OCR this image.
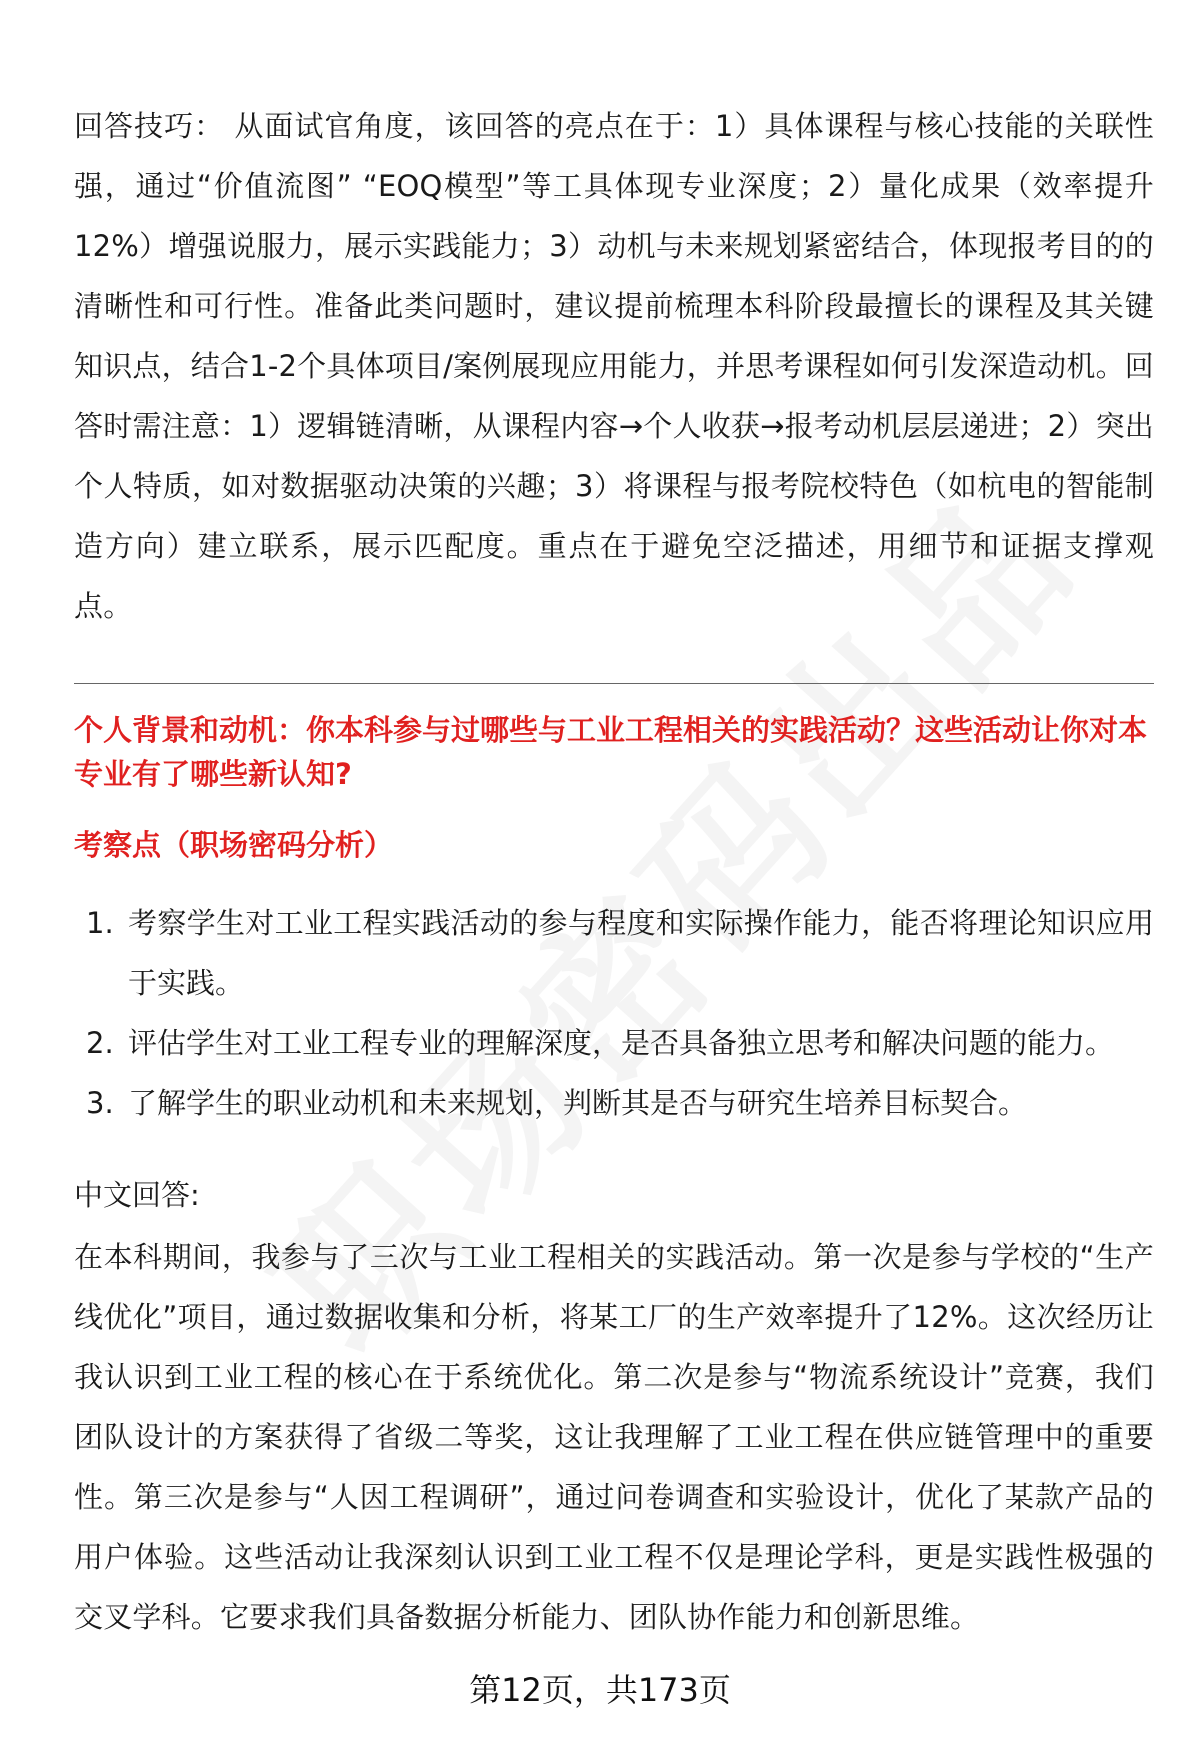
回答技巧： 从面试官角度，该回答的亮点在于：1）具体课程与核心技能的关联性强，通过“价值流图” “EOQ模型”等工具体现专业深度；2）量化成果（效率提升12%）增强说服力，展示实践能力；3）动机与未来规划紧密结合，体现报考目的的清晰性和可行性。准备此类问题时，建议提前梳理本科阶段最擅长的课程及其关键知识点，结合1-2个具体项目/案例展现应用能力，并思考课程如何引发深造动机。回答时需注意：1）逻辑链清晰，从课程内容→个人收获→报考动机层层递进；2）突出个人特质，如对数据驱动决策的兴趣；3）将课程与报考院校特色（如杭电的智能制造方向）建立联系，展示匹配度。重点在于避免空泛描述，用细节和证据支撑观点。

个人背景和动机：你本科参与过哪些与工业工程相关的实践活动？这些活动让你对本专业有了哪些新认知?

考察点（职场密码分析）

1. 考察学生对工业工程实践活动的参与程度和实际操作能力，能否将理论知识应用于实践。
2. 评估学生对工业工程专业的理解深度，是否具备独立思考和解决问题的能力。
3. 了解学生的职业动机和未来规划，判断其是否与研究生培养目标契合。

中文回答:

在本科期间，我参与了三次与工业工程相关的实践活动。第一次是参与学校的“生产线优化”项目，通过数据收集和分析，将某工厂的生产效率提升了12%。这次经历让我认识到工业工程的核心在于系统优化。第二次是参与“物流系统设计”竞赛，我们团队设计的方案获得了省级二等奖，这让我理解了工业工程在供应链管理中的重要性。第三次是参与“人因工程调研”，通过问卷调查和实验设计，优化了某款产品的用户体验。这些活动让我深刻认识到工业工程不仅是理论学科，更是实践性极强的交叉学科。它要求我们具备数据分析能力、团队协作能力和创新思维。

第12页，共173页
